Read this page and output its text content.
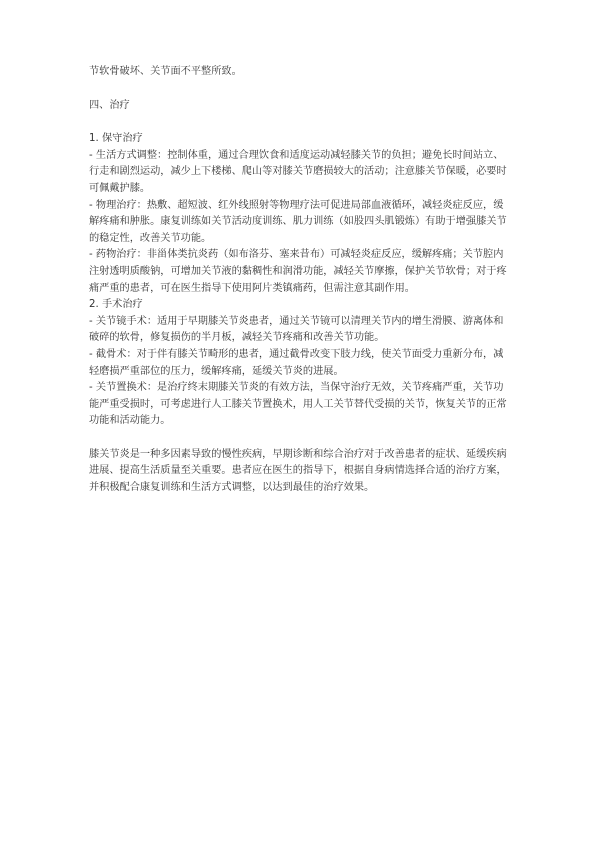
节软骨破坏、关节面不平整所致。

四、治疗

1. 保守治疗

- 生活方式调整：控制体重，通过合理饮食和适度运动减轻膝关节的负担；避免长时间站立、行走和剧烈运动，减少上下楼梯、爬山等对膝关节磨损较大的活动；注意膝关节保暖，必要时可佩戴护膝。

- 物理治疗：热敷、超短波、红外线照射等物理疗法可促进局部血液循环，减轻炎症反应，缓解疼痛和肿胀。康复训练如关节活动度训练、肌力训练（如股四头肌锻炼）有助于增强膝关节的稳定性，改善关节功能。

- 药物治疗：非甾体类抗炎药（如布洛芬、塞来昔布）可减轻炎症反应，缓解疼痛；关节腔内注射透明质酸钠，可增加关节液的黏稠性和润滑功能，减轻关节摩擦，保护关节软骨；对于疼痛严重的患者，可在医生指导下使用阿片类镇痛药，但需注意其副作用。

2. 手术治疗

- 关节镜手术：适用于早期膝关节炎患者，通过关节镜可以清理关节内的增生滑膜、游离体和破碎的软骨，修复损伤的半月板，减轻关节疼痛和改善关节功能。

- 截骨术：对于伴有膝关节畸形的患者，通过截骨改变下肢力线，使关节面受力重新分布，减轻磨损严重部位的压力，缓解疼痛，延缓关节炎的进展。

- 关节置换术：是治疗终末期膝关节炎的有效方法，当保守治疗无效，关节疼痛严重，关节功能严重受损时，可考虑进行人工膝关节置换术，用人工关节替代受损的关节，恢复关节的正常功能和活动能力。

膝关节炎是一种多因素导致的慢性疾病，早期诊断和综合治疗对于改善患者的症状、延缓疾病进展、提高生活质量至关重要。患者应在医生的指导下，根据自身病情选择合适的治疗方案，并积极配合康复训练和生活方式调整，以达到最佳的治疗效果。
